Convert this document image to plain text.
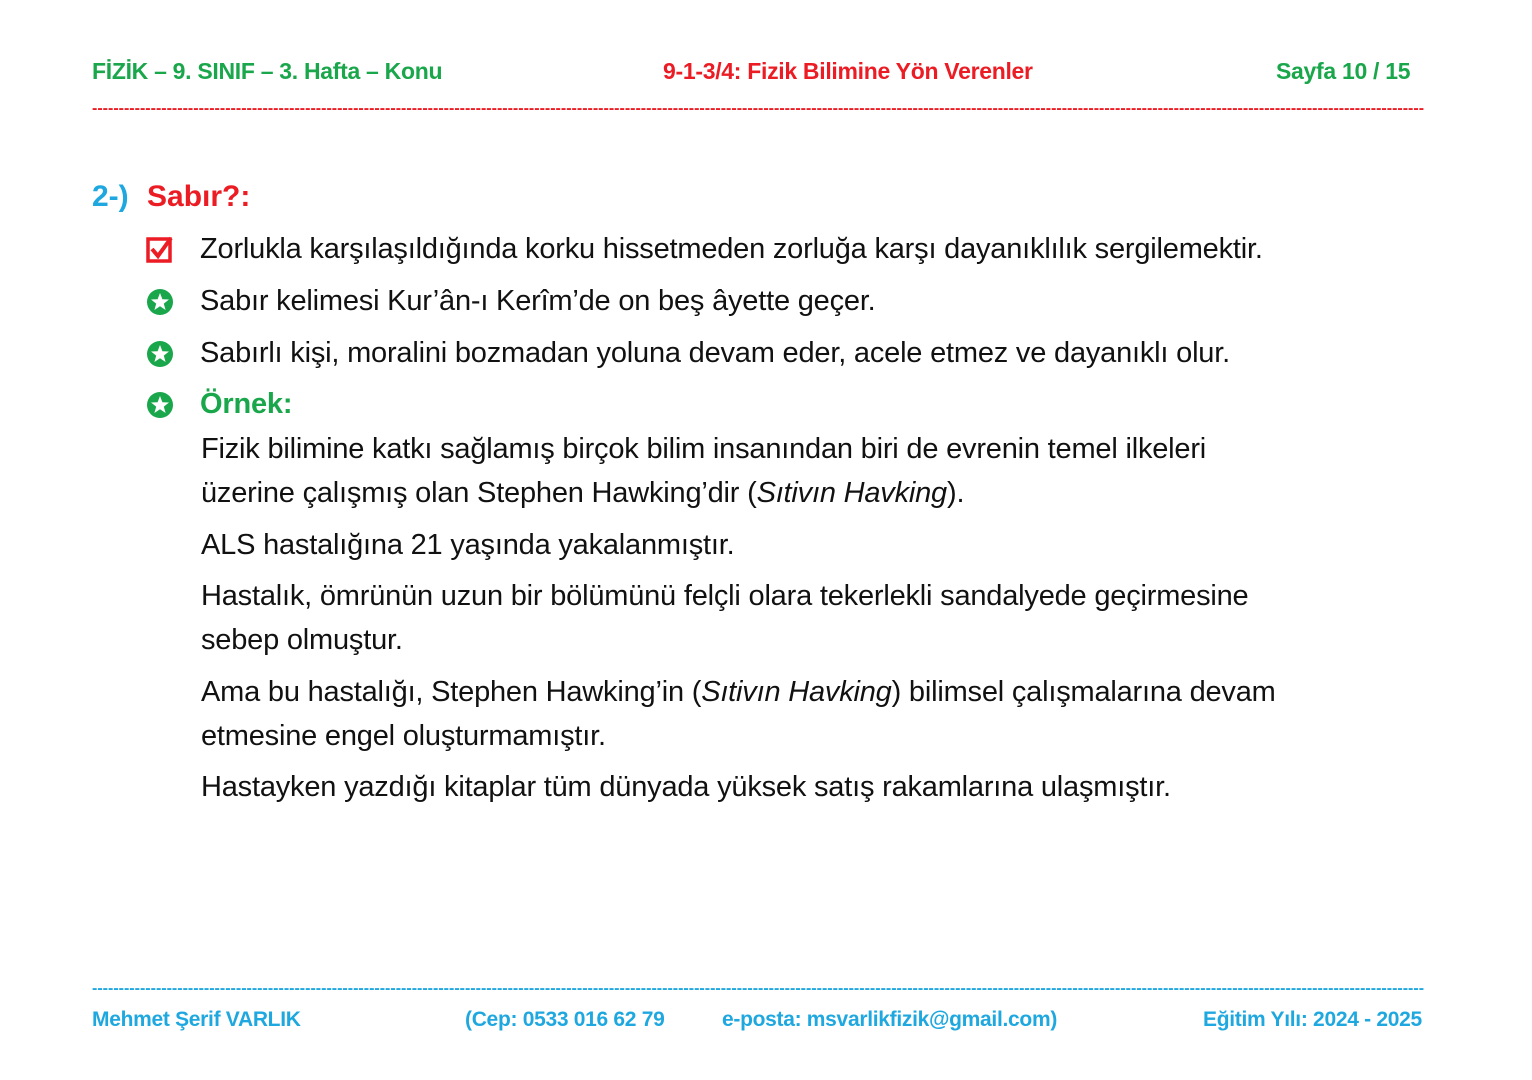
FİZİK – 9. SINIF – 3. Hafta – Konu	9-1-3/4: Fizik Bilimine Yön Verenler	Sayfa 10 / 15
----------------------------------------------------------------------------------------------------------------------------------------------------------------------------------------------------------------------------------------------------------
2-) Sabır?:
Zorlukla karşılaşıldığında korku hissetmeden zorluğa karşı dayanıklılık sergilemektir.
Sabır kelimesi Kur’ân-ı Kerîm’de on beş âyette geçer.
Sabırlı kişi, moralini bozmadan yoluna devam eder, acele etmez ve dayanıklı olur.
Örnek:
Fizik bilimine katkı sağlamış birçok bilim insanından biri de evrenin temel ilkeleri
üzerine çalışmış olan Stephen Hawking’dir (Sıtivın Havking).
ALS hastalığına 21 yaşında yakalanmıştır.
Hastalık, ömrünün uzun bir bölümünü felçli olara tekerlekli sandalyede geçirmesine
sebep olmuştur.
Ama bu hastalığı, Stephen Hawking’in (Sıtivın Havking) bilimsel çalışmalarına devam
etmesine engel oluşturmamıştır.
Hastayken yazdığı kitaplar tüm dünyada yüksek satış rakamlarına ulaşmıştır.
----------------------------------------------------------------------------------------------------------------------------------------------------------------------------------------------------------------------------------------------------------
Mehmet Şerif VARLIK	(Cep: 0533 016 62 79	e-posta: msvarlikfizik@gmail.com)	Eğitim Yılı: 2024 - 2025
